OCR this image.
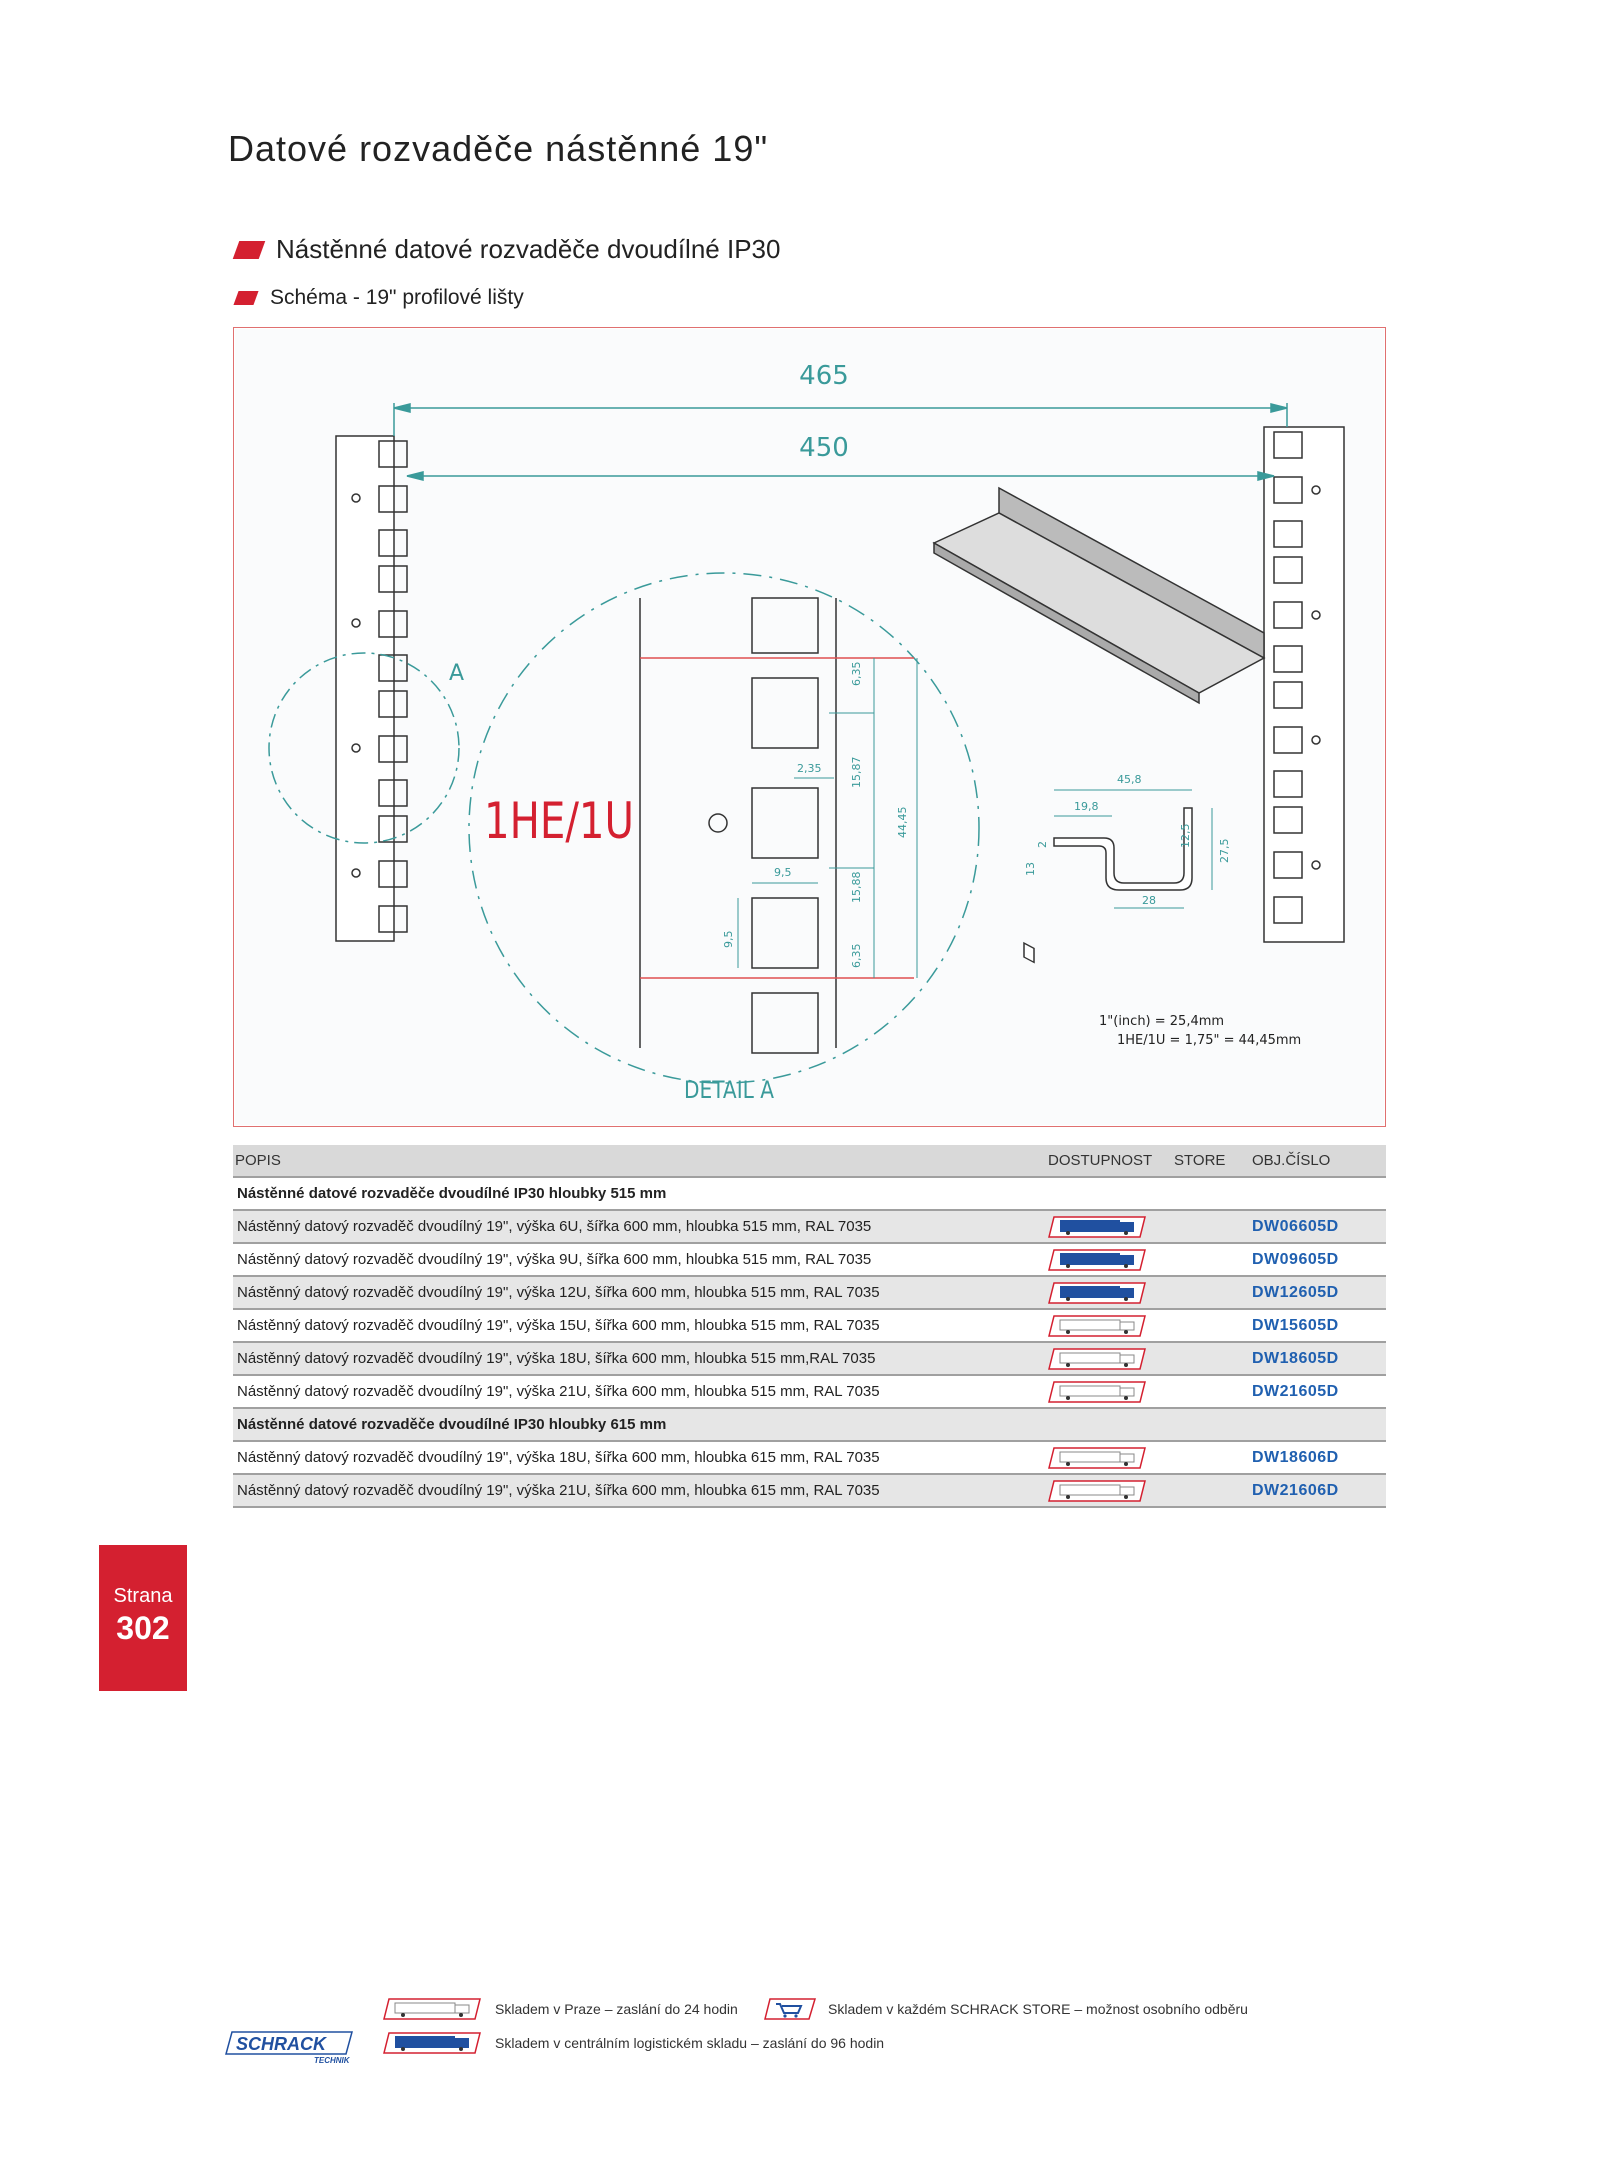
Datové rozvaděče nástěnné 19"
Nástěnné datové rozvaděče dvoudílné IP30
Schéma - 19" profilové lišty
465
450
A	6,35
15,87
44,45
15,88
6,35
2,35
9,5
9,5
1HE/1U
DETAIL A
45,8
19,8
12,5
27,5
2
13
28
1"(inch) = 25,4mm
1HE/1U = 1,75" = 44,45mm
POPIS	DOSTUPNOST	STORE	OBJ.ČÍSLO
Nástěnné datové rozvaděče dvoudílné IP30 hloubky 515 mm			
Nástěnný datový rozvaděč dvoudílný 19", výška 6U, šířka 600 mm, hloubka 515 mm, RAL 7035			DW06605D
Nástěnný datový rozvaděč dvoudílný 19", výška 9U, šířka 600 mm, hloubka 515 mm, RAL 7035			DW09605D
Nástěnný datový rozvaděč dvoudílný 19", výška 12U, šířka 600 mm, hloubka 515 mm, RAL 7035			DW12605D
Nástěnný datový rozvaděč dvoudílný 19", výška 15U, šířka 600 mm, hloubka 515 mm, RAL 7035			DW15605D
Nástěnný datový rozvaděč dvoudílný 19", výška 18U, šířka 600 mm, hloubka 515 mm,RAL 7035			DW18605D
Nástěnný datový rozvaděč dvoudílný 19", výška 21U, šířka 600 mm, hloubka 515 mm, RAL 7035			DW21605D
Nástěnné datové rozvaděče dvoudílné IP30 hloubky 615 mm			
Nástěnný datový rozvaděč dvoudílný 19", výška 18U, šířka 600 mm, hloubka 615 mm, RAL 7035			DW18606D
Nástěnný datový rozvaděč dvoudílný 19", výška 21U, šířka 600 mm, hloubka 615 mm, RAL 7035			DW21606D
Strana
302
SCHRACK
TECHNIK
Skladem v Praze – zaslání do 24 hodin
Skladem v centrálním logistickém skladu – zaslání do 96 hodin
Skladem v každém SCHRACK STORE – možnost osobního odběru
